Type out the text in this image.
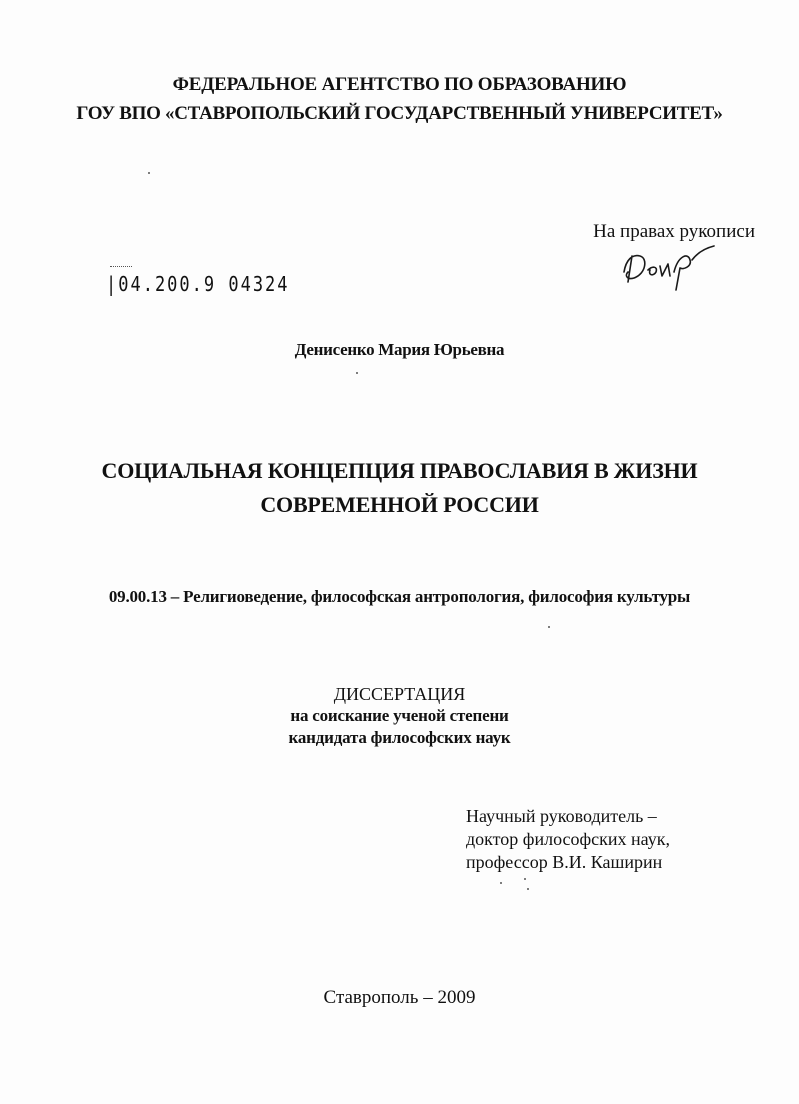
ФЕДЕРАЛЬНОЕ АГЕНТСТВО ПО ОБРАЗОВАНИЮ
ГОУ ВПО «СТАВРОПОЛЬСКИЙ ГОСУДАРСТВЕННЫЙ УНИВЕРСИТЕТ»
На правах рукописи
|04.200.9 04324
Денисенко Мария Юрьевна
СОЦИАЛЬНАЯ КОНЦЕПЦИЯ ПРАВОСЛАВИЯ В ЖИЗНИ
СОВРЕМЕННОЙ РОССИИ
09.00.13 – Религиоведение, философская антропология, философия культуры
ДИССЕРТАЦИЯ
на соискание ученой степени
кандидата философских наук
Научный руководитель –
доктор философских наук,
профессор В.И. Каширин
Ставрополь – 2009
